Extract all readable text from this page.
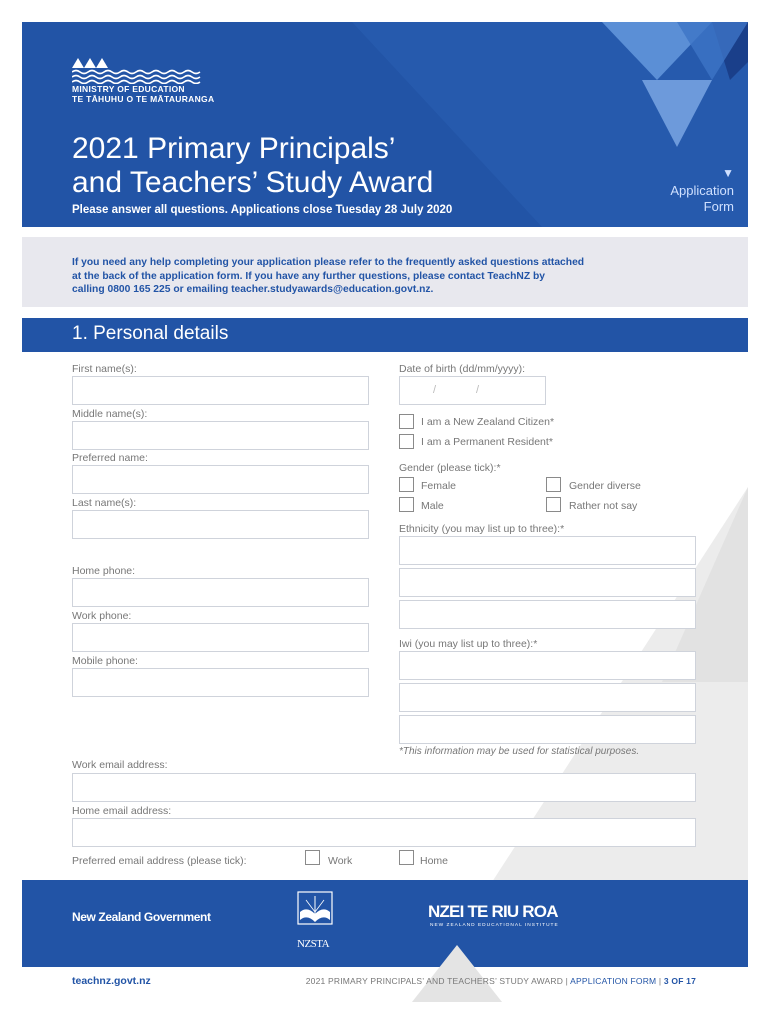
MINISTRY OF EDUCATION
TE TĀHUHU O TE MĀTAURANGA
2021 Primary Principals’
and Teachers’ Study Award
Please answer all questions. Applications close Tuesday 28 July 2020
▼
Application
Form
If you need any help completing your application please refer to the frequently asked questions attached
at the back of the application form. If you have any further questions, please contact TeachNZ by
calling 0800 165 225 or emailing teacher.studyawards@education.govt.nz.
1. Personal details
First name(s):
Middle name(s):
Preferred name:
Last name(s):
Home phone:
Work phone:
Mobile phone:
Date of birth (dd/mm/yyyy):
/	/
I am a New Zealand Citizen*
I am a Permanent Resident*
Gender (please tick):*
Female	Gender diverse
Male	Rather not say
Ethnicity (you may list up to three):*
Iwi (you may list up to three):*
*This information may be used for statistical purposes.
Work email address:
Home email address:
Preferred email address (please tick):	Work	Home
New Zealand Government
NZSTA
NZEI TE RIU ROA
NEW ZEALAND EDUCATIONAL INSTITUTE
teachnz.govt.nz	2021 PRIMARY PRINCIPALS’ AND TEACHERS’ STUDY AWARD | APPLICATION FORM | 3 OF 17
